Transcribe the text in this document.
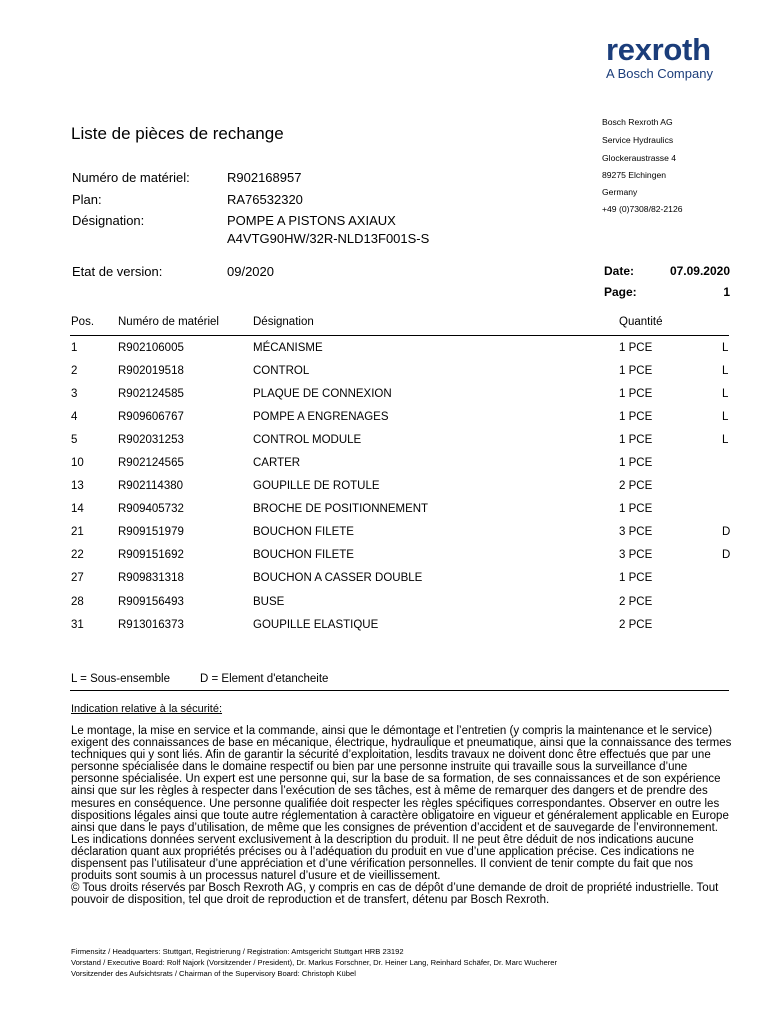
rexroth
A Bosch Company
Liste de pièces de rechange
Bosch Rexroth AG
Service Hydraulics
Glockeraustrasse 4
89275 Elchingen
Germany
+49 (0)7308/82-2126
Numéro de matériel:	R902168957
Plan:	RA76532320
Désignation:	POMPE A PISTONS AXIAUX
A4VTG90HW/32R-NLD13F001S-S
Etat de version:	09/2020	Date:	07.09.2020
Page:	1
Pos. Numéro de matériel	Désignation	Quantité
1	R902106005	MÉCANISME	1 PCE	L
2	R902019518	CONTROL	1 PCE	L
3	R902124585	PLAQUE DE CONNEXION	1 PCE	L
4	R909606767	POMPE A ENGRENAGES	1 PCE	L
5	R902031253	CONTROL MODULE	1 PCE	L
10	R902124565	CARTER	1 PCE
13	R902114380	GOUPILLE DE ROTULE	2 PCE
14	R909405732	BROCHE DE POSITIONNEMENT	1 PCE
21	R909151979	BOUCHON FILETE	3 PCE	D
22	R909151692	BOUCHON FILETE	3 PCE	D
27	R909831318	BOUCHON A CASSER DOUBLE	1 PCE
28	R909156493	BUSE	2 PCE
31	R913016373	GOUPILLE ELASTIQUE	2 PCE
L = Sous-ensemble	D = Element d'etancheite
Indication relative à la sécurité:
Le montage, la mise en service et la commande, ainsi que le démontage et l’entretien (y compris la maintenance et le service) exigent des connaissances de base en mécanique, électrique, hydraulique et pneumatique, ainsi que la connaissance des termes techniques qui y sont liés. Afin de garantir la sécurité d’exploitation, lesdits travaux ne doivent donc être effectués que par une personne spécialisée dans le domaine respectif ou bien par une personne instruite qui travaille sous la surveillance d’une personne spécialisée. Un expert est une personne qui, sur la base de sa formation, de ses connaissances et de son expérience ainsi que sur les règles à respecter dans l’exécution de ses tâches, est à même de remarquer des dangers et de prendre des mesures en conséquence. Une personne qualifiée doit respecter les règles spécifiques correspondantes. Observer en outre les dispositions légales ainsi que toute autre réglementation à caractère obligatoire en vigueur et généralement applicable en Europe ainsi que dans le pays d’utilisation, de même que les consignes de prévention d’accident et de sauvegarde de l’environnement. Les indications données servent exclusivement à la description du produit. Il ne peut être déduit de nos indications aucune déclaration quant aux propriétés précises ou à l’adéquation du produit en vue d’une application précise. Ces indications ne dispensent pas l’utilisateur d’une appréciation et d’une vérification personnelles. Il convient de tenir compte du fait que nos produits sont soumis à un processus naturel d’usure et de vieillissement.
© Tous droits réservés par Bosch Rexroth AG, y compris en cas de dépôt d’une demande de droit de propriété industrielle. Tout pouvoir de disposition, tel que droit de reproduction et de transfert, détenu par Bosch Rexroth.
Firmensitz / Headquarters: Stuttgart, Registrierung / Registration: Amtsgericht Stuttgart HRB 23192
Vorstand / Executive Board: Rolf Najork (Vorsitzender / President), Dr. Markus Forschner, Dr. Heiner Lang, Reinhard Schäfer, Dr. Marc Wucherer
Vorsitzender des Aufsichtsrats / Chairman of the Supervisory Board: Christoph Kübel
